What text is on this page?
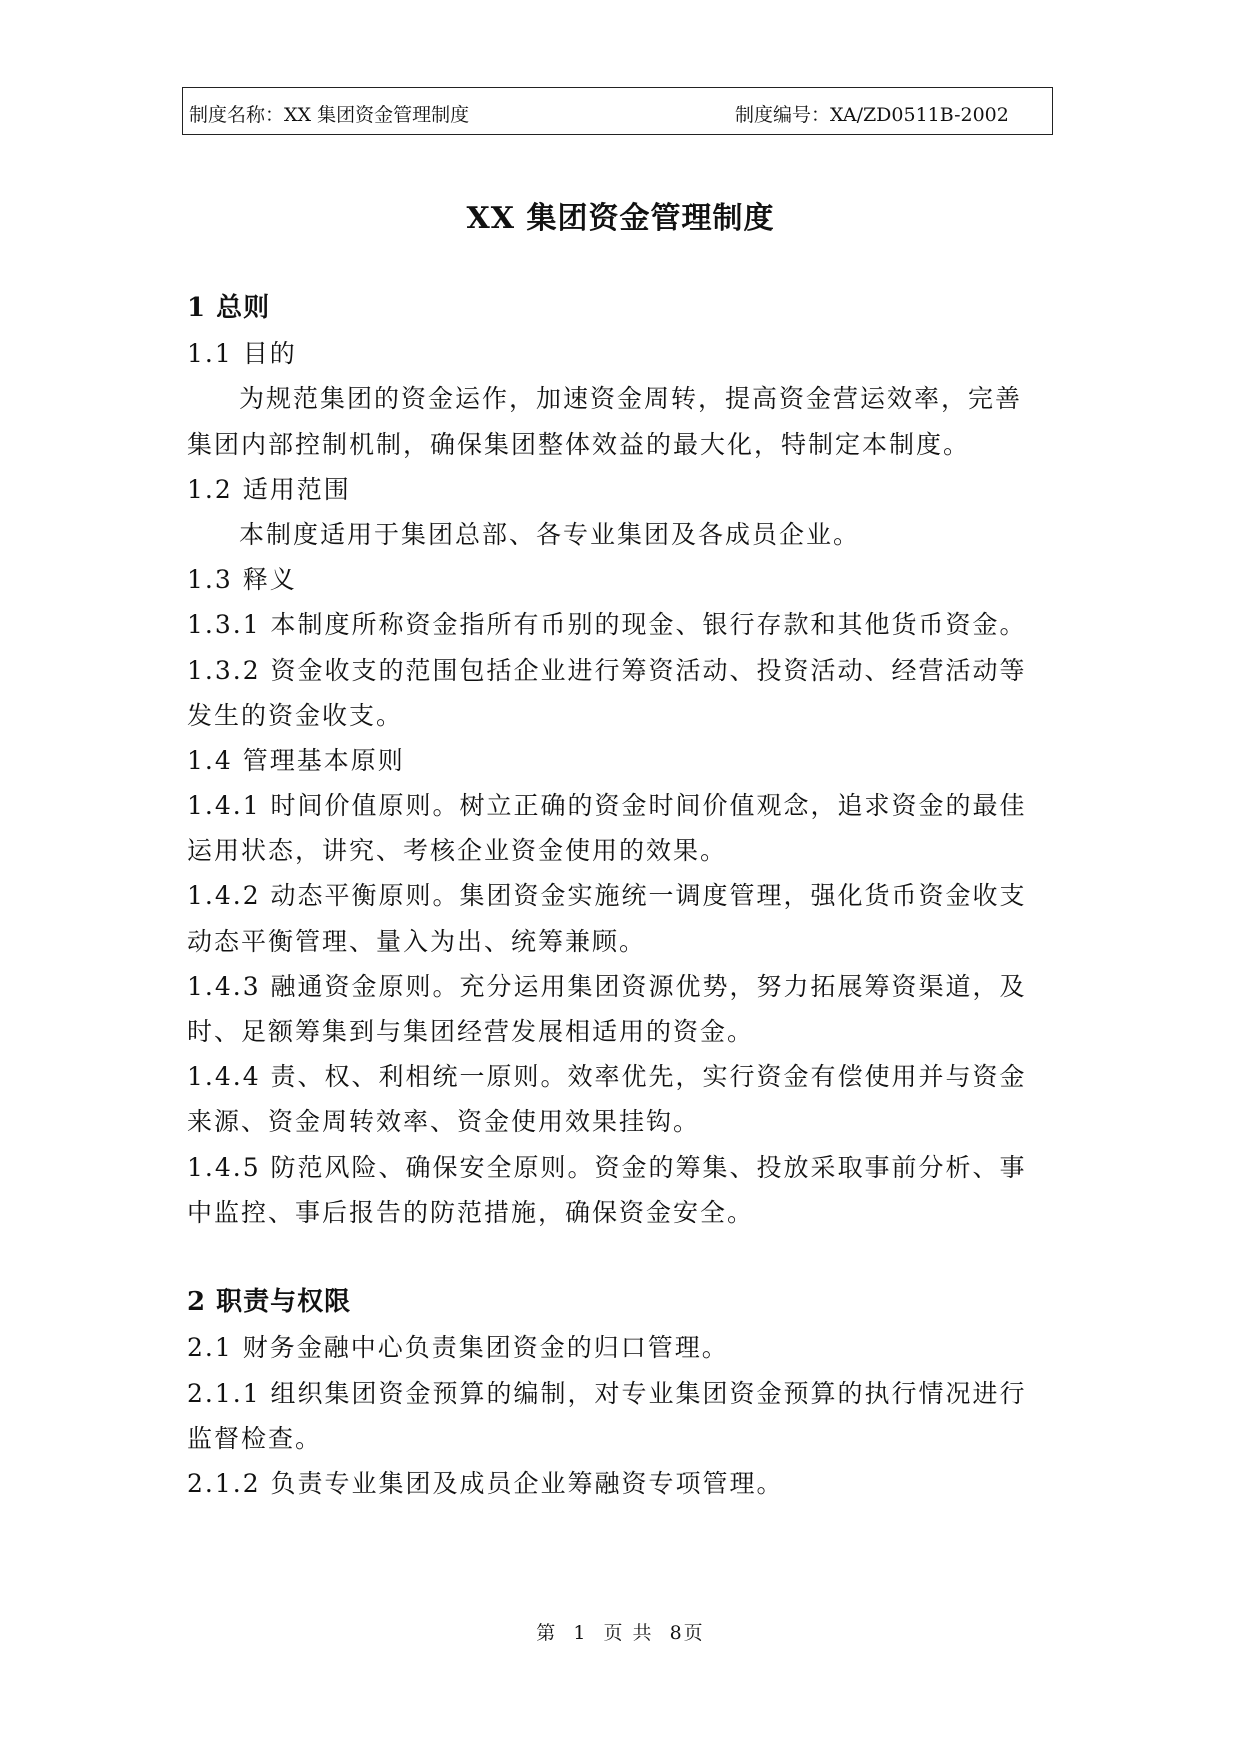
制度名称：XX 集团资金管理制度	制度编号：XA/ZD0511B-2002
XX 集团资金管理制度
1 总则
1.1 目的
为规范集团的资金运作，加速资金周转，提高资金营运效率，完善
集团内部控制机制，确保集团整体效益的最大化，特制定本制度。
1.2 适用范围
本制度适用于集团总部、各专业集团及各成员企业。
1.3 释义
1.3.1 本制度所称资金指所有币别的现金、银行存款和其他货币资金。
1.3.2 资金收支的范围包括企业进行筹资活动、投资活动、经营活动等
发生的资金收支。
1.4 管理基本原则
1.4.1 时间价值原则。树立正确的资金时间价值观念，追求资金的最佳
运用状态，讲究、考核企业资金使用的效果。
1.4.2 动态平衡原则。集团资金实施统一调度管理，强化货币资金收支
动态平衡管理、量入为出、统筹兼顾。
1.4.3 融通资金原则。充分运用集团资源优势，努力拓展筹资渠道，及
时、足额筹集到与集团经营发展相适用的资金。
1.4.4 责、权、利相统一原则。效率优先，实行资金有偿使用并与资金
来源、资金周转效率、资金使用效果挂钩。
1.4.5 防范风险、确保安全原则。资金的筹集、投放采取事前分析、事
中监控、事后报告的防范措施，确保资金安全。
2 职责与权限
2.1 财务金融中心负责集团资金的归口管理。
2.1.1 组织集团资金预算的编制，对专业集团资金预算的执行情况进行
监督检查。
2.1.2 负责专业集团及成员企业筹融资专项管理。
第 1 页 共 8页
